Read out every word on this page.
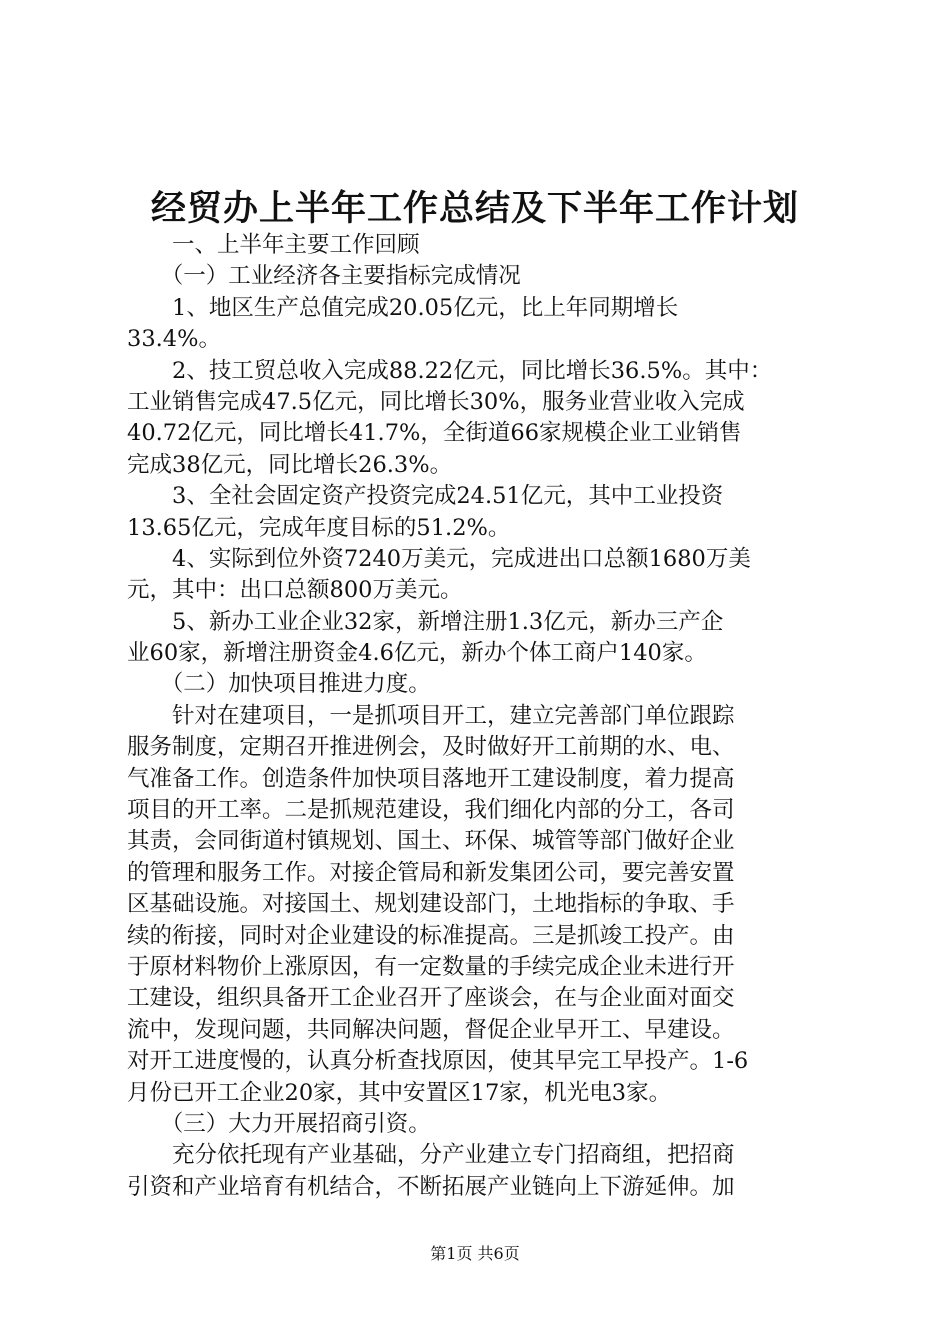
经贸办上半年工作总结及下半年工作计划
　　一、上半年主要工作回顾
　　（一）工业经济各主要指标完成情况
　　1、地区生产总值完成20.05亿元，比上年同期增长
33.4%。
　　2、技工贸总收入完成88.22亿元，同比增长36.5%。其中：
工业销售完成47.5亿元，同比增长30%，服务业营业收入完成
40.72亿元，同比增长41.7%，全街道66家规模企业工业销售
完成38亿元，同比增长26.3%。
　　3、全社会固定资产投资完成24.51亿元，其中工业投资
13.65亿元，完成年度目标的51.2%。
　　4、实际到位外资7240万美元，完成进出口总额1680万美
元，其中：出口总额800万美元。
　　5、新办工业企业32家，新增注册1.3亿元，新办三产企
业60家，新增注册资金4.6亿元，新办个体工商户140家。
　　（二）加快项目推进力度。
　　针对在建项目，一是抓项目开工，建立完善部门单位跟踪
服务制度，定期召开推进例会，及时做好开工前期的水、电、
气准备工作。创造条件加快项目落地开工建设制度，着力提高
项目的开工率。二是抓规范建设，我们细化内部的分工，各司
其责，会同街道村镇规划、国土、环保、城管等部门做好企业
的管理和服务工作。对接企管局和新发集团公司，要完善安置
区基础设施。对接国土、规划建设部门，土地指标的争取、手
续的衔接，同时对企业建设的标准提高。三是抓竣工投产。由
于原材料物价上涨原因，有一定数量的手续完成企业未进行开
工建设，组织具备开工企业召开了座谈会，在与企业面对面交
流中，发现问题，共同解决问题，督促企业早开工、早建设。
对开工进度慢的，认真分析查找原因，使其早完工早投产。1-6
月份已开工企业20家，其中安置区17家，机光电3家。
　　（三）大力开展招商引资。
　　充分依托现有产业基础，分产业建立专门招商组，把招商
引资和产业培育有机结合，不断拓展产业链向上下游延伸。加
第1页 共6页
